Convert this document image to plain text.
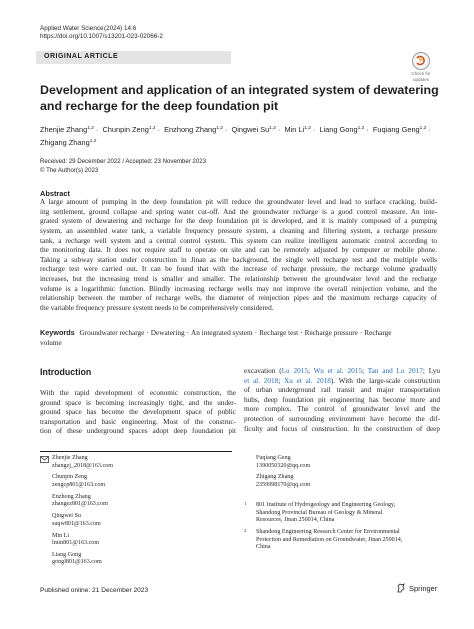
Applied Water Science (2024) 14:6
https://doi.org/10.1007/s13201-023-02066-2
ORIGINAL ARTICLE
Check for
updates
Development and application of an integrated system of dewatering
and recharge for the deep foundation pit
Zhenjie Zhang$^{1,2}$ · Chunpin Zeng$^{1,2}$ · Enzhong Zhang$^{1,2}$ · Qingwei Su$^{1,2}$ · Min Li$^{1,2}$ · Liang Gong$^{1,2}$ · Fuqiang Geng$^{1,2}$ ·
Zhigang Zhang$^{1,2}$
Received: 29 December 2022 / Accepted: 23 November 2023
© The Author(s) 2023
Abstract
A large amount of pumping in the deep foundation pit will reduce the groundwater level and lead to surface cracking, build-
ing settlement, ground collapse and spring water cut-off. And the groundwater recharge is a good control measure. An inte-
grated system of dewatering and recharge for the deep foundation pit is developed, and it is mainly composed of a pumping
system, an assembled water tank, a variable frequency pressure system, a cleaning and filtering system, a recharge pressure
tank, a recharge well system and a central control system. This system can realize intelligent automatic control according to
the monitoring data. It does not require staff to operate on site and can be remotely adjusted by computer or mobile phone.
Taking a subway station under construction in Jinan as the background, the single well recharge test and the multiple wells
recharge test were carried out. It can be found that with the increase of recharge pressure, the recharge volume gradually
increases, but the increasing trend is smaller and smaller. The relationship between the groundwater level and the recharge
volume is a logarithmic function. Blindly increasing recharge wells may not improve the overall reinjection volume, and the
relationship between the number of recharge wells, the diameter of reinjection pipes and the maximum recharge capacity of
the variable frequency pressure system needs to be comprehensively considered.
Keywords Groundwater recharge · Dewatering · An integrated system · Recharge test · Recharge pressure · Recharge
volume
Introduction
With the rapid development of economic construction, the
ground space is becoming increasingly tight, and the under-
ground space has become the development space of public
transportation and basic engineering. Most of the construc-
tion of these underground spaces adopt deep foundation pit
excavation (Lu 2015; Wu et al. 2015; Tan and Lu 2017; Lyu
et al. 2018; Xu et al. 2018). With the large-scale construction
of urban underground rail transit and major transportation
hubs, deep foundation pit engineering has become more and
more complex. The control of groundwater level and the
protection of surrounding environment have become the dif-
ficulty and focus of construction. In the construction of deep
Zhenjie Zhang
zhangzj_2018@163.com
Chunpin Zeng
zengcp801@163.com
Enzhong Zhang
zhangez801@163.com
Qingwei Su
suqw801@163.com
Min Li
lmin801@163.com
Liang Gong
gongl801@163.com
Fuqiang Geng
1390050320@qq.com
Zhigang Zhang
2359998170@qq.com
1 801 Institute of Hydrogeology and Engineering Geology,
Shandong Provincial Bureau of Geology & Mineral
Resources, Jinan 250014, China
2 Shandong Engineering Research Center for Environmental
Protection and Remediation on Groundwater, Jinan 250014,
China
Published online: 21 December 2023	Springer
